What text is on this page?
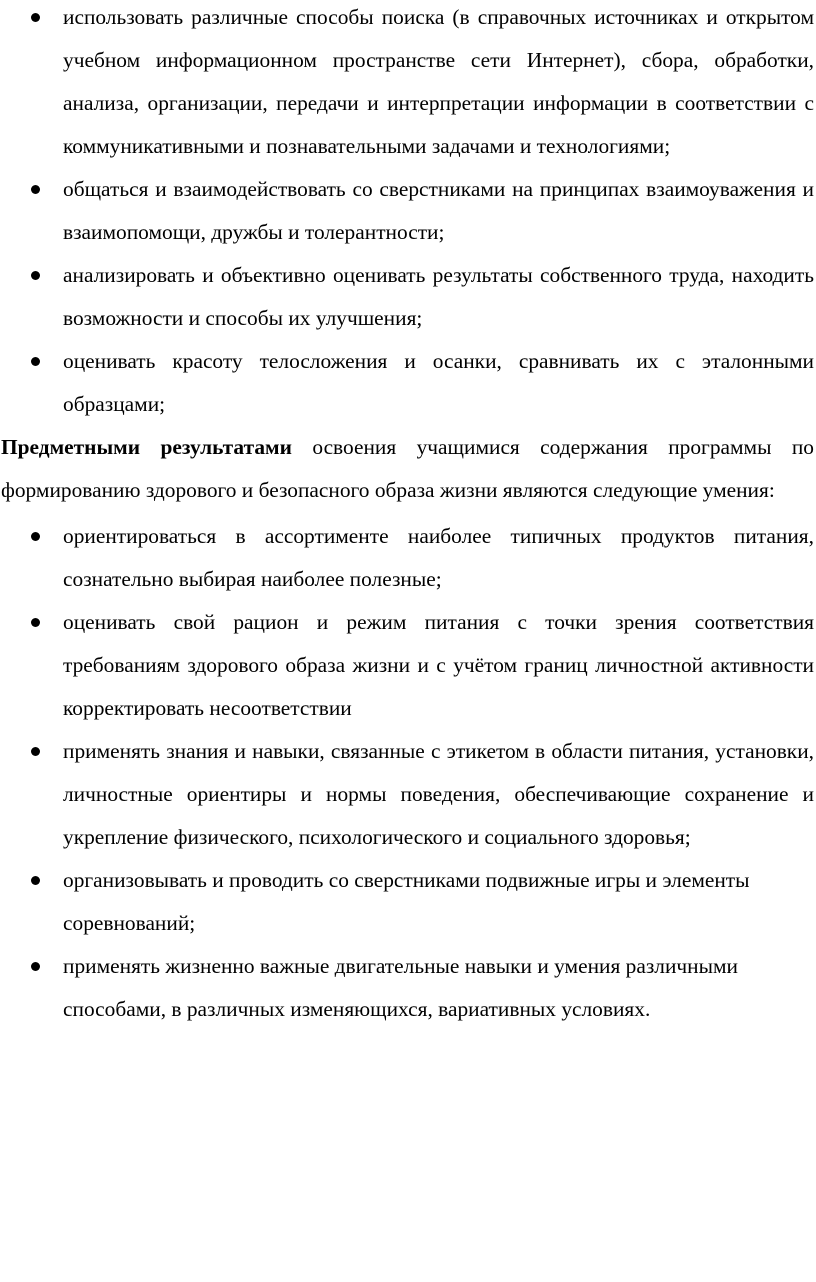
использовать различные способы поиска (в справочных источниках и открытом учебном информационном пространстве сети Интернет), сбора, обработки, анализа, организации, передачи и интерпретации информации в соответствии с коммуникативными и познавательными задачами и технологиями;
общаться и взаимодействовать со сверстниками на принципах взаимоуважения и взаимопомощи, дружбы и толерантности;
анализировать и объективно оценивать результаты собственного труда, находить возможности и способы их улучшения;
оценивать красоту телосложения и осанки, сравнивать их с эталонными образцами;

Предметными результатами освоения учащимися содержания программы по формированию здорового и безопасного образа жизни являются следующие умения:

ориентироваться в ассортименте наиболее типичных продуктов питания, сознательно выбирая наиболее полезные;
оценивать свой рацион и режим питания с точки зрения соответствия требованиям здорового образа жизни и с учётом границ личностной активности корректировать несоответствии
применять знания и навыки, связанные с этикетом в области питания, установки, личностные ориентиры и нормы поведения, обеспечивающие сохранение и укрепление физического, психологического и социального здоровья;
организовывать и проводить со сверстниками подвижные игры и элементы соревнований;
применять жизненно важные двигательные навыки и умения различными способами, в различных изменяющихся, вариативных условиях.
